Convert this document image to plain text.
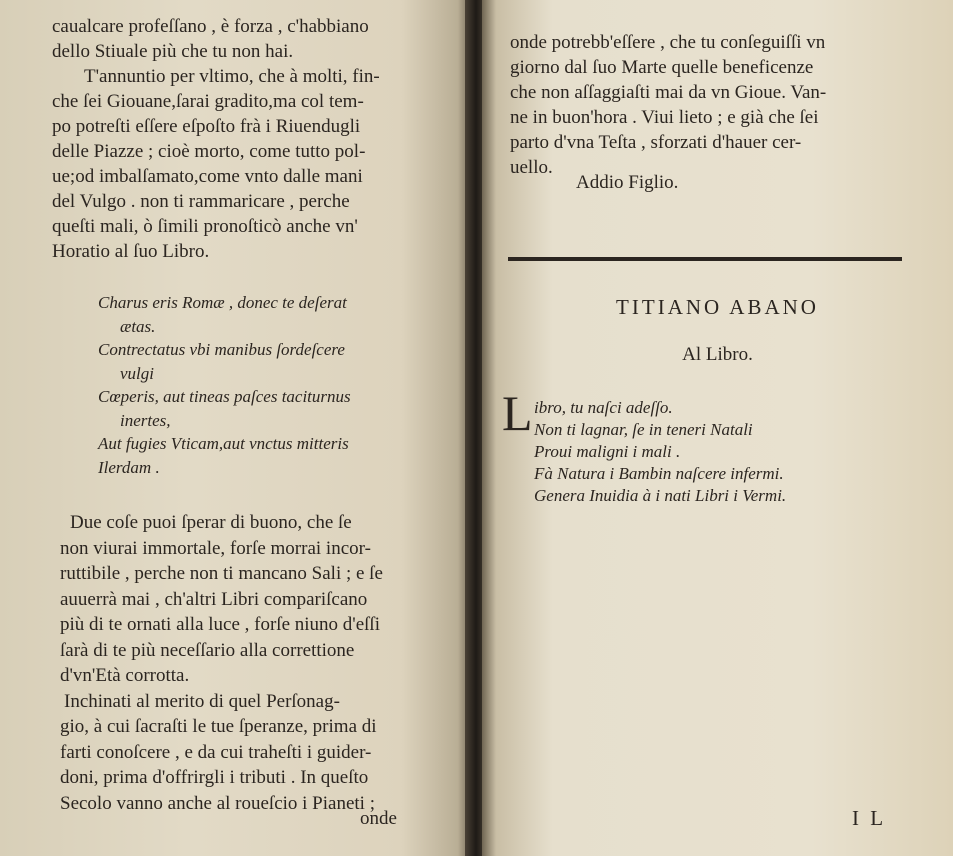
caualcare profeſſano , è forza , c'habbiano
dello Stiuale più che tu non hai.
T'annuntio per vltimo, che à molti, fin-
che ſei Giouane,ſarai gradito,ma col tem-
po potreſti eſſere eſpoſto frà i Riuendugli
delle Piazze ; cioè morto, come tutto pol-
ue;od imbalſamato,come vnto dalle mani
del Vulgo . non ti rammaricare , perche
queſti mali, ò ſimili pronoſticò anche vn'
Horatio al ſuo Libro.
Charus eris Romæ , donec te deſerat
ætas.
Contrectatus vbi manibus ſordeſcere
vulgi
Cœperis, aut tineas paſces taciturnus
inertes,
Aut fugies Vticam,aut vnctus mitteris
Ilerdam .
Due coſe puoi ſperar di buono, che ſe
non viurai immortale, forſe morrai incor-
ruttibile , perche non ti mancano Sali ; e ſe
auuerrà mai , ch'altri Libri compariſcano
più di te ornati alla luce , forſe niuno d'eſſi
ſarà di te più neceſſario alla correttione
d'vn'Età corrotta.
Inchinati al merito di quel Perſonag-
gio, à cui ſacraſti le tue ſperanze, prima di
farti conoſcere , e da cui traheſti i guider-
doni, prima d'offrirgli i tributi . In queſto
Secolo vanno anche al roueſcio i Pianeti ;
onde
onde potrebb'eſſere , che tu conſeguiſſi vn
giorno dal ſuo Marte quelle beneficenze
che non aſſaggiaſti mai da vn Gioue. Van-
ne in buon'hora . Viui lieto ; e già che ſei
parto d'vna Teſta , sforzati d'hauer cer-
uello.
Addio Figlio.
TITIANO ABANO
Al Libro.
L ibro, tu naſci adeſſo.
Non ti lagnar, ſe in teneri Natali
Proui maligni i mali .
Fà Natura i Bambin naſcere infermi.
Genera Inuidia à i nati Libri i Vermi.
I L
